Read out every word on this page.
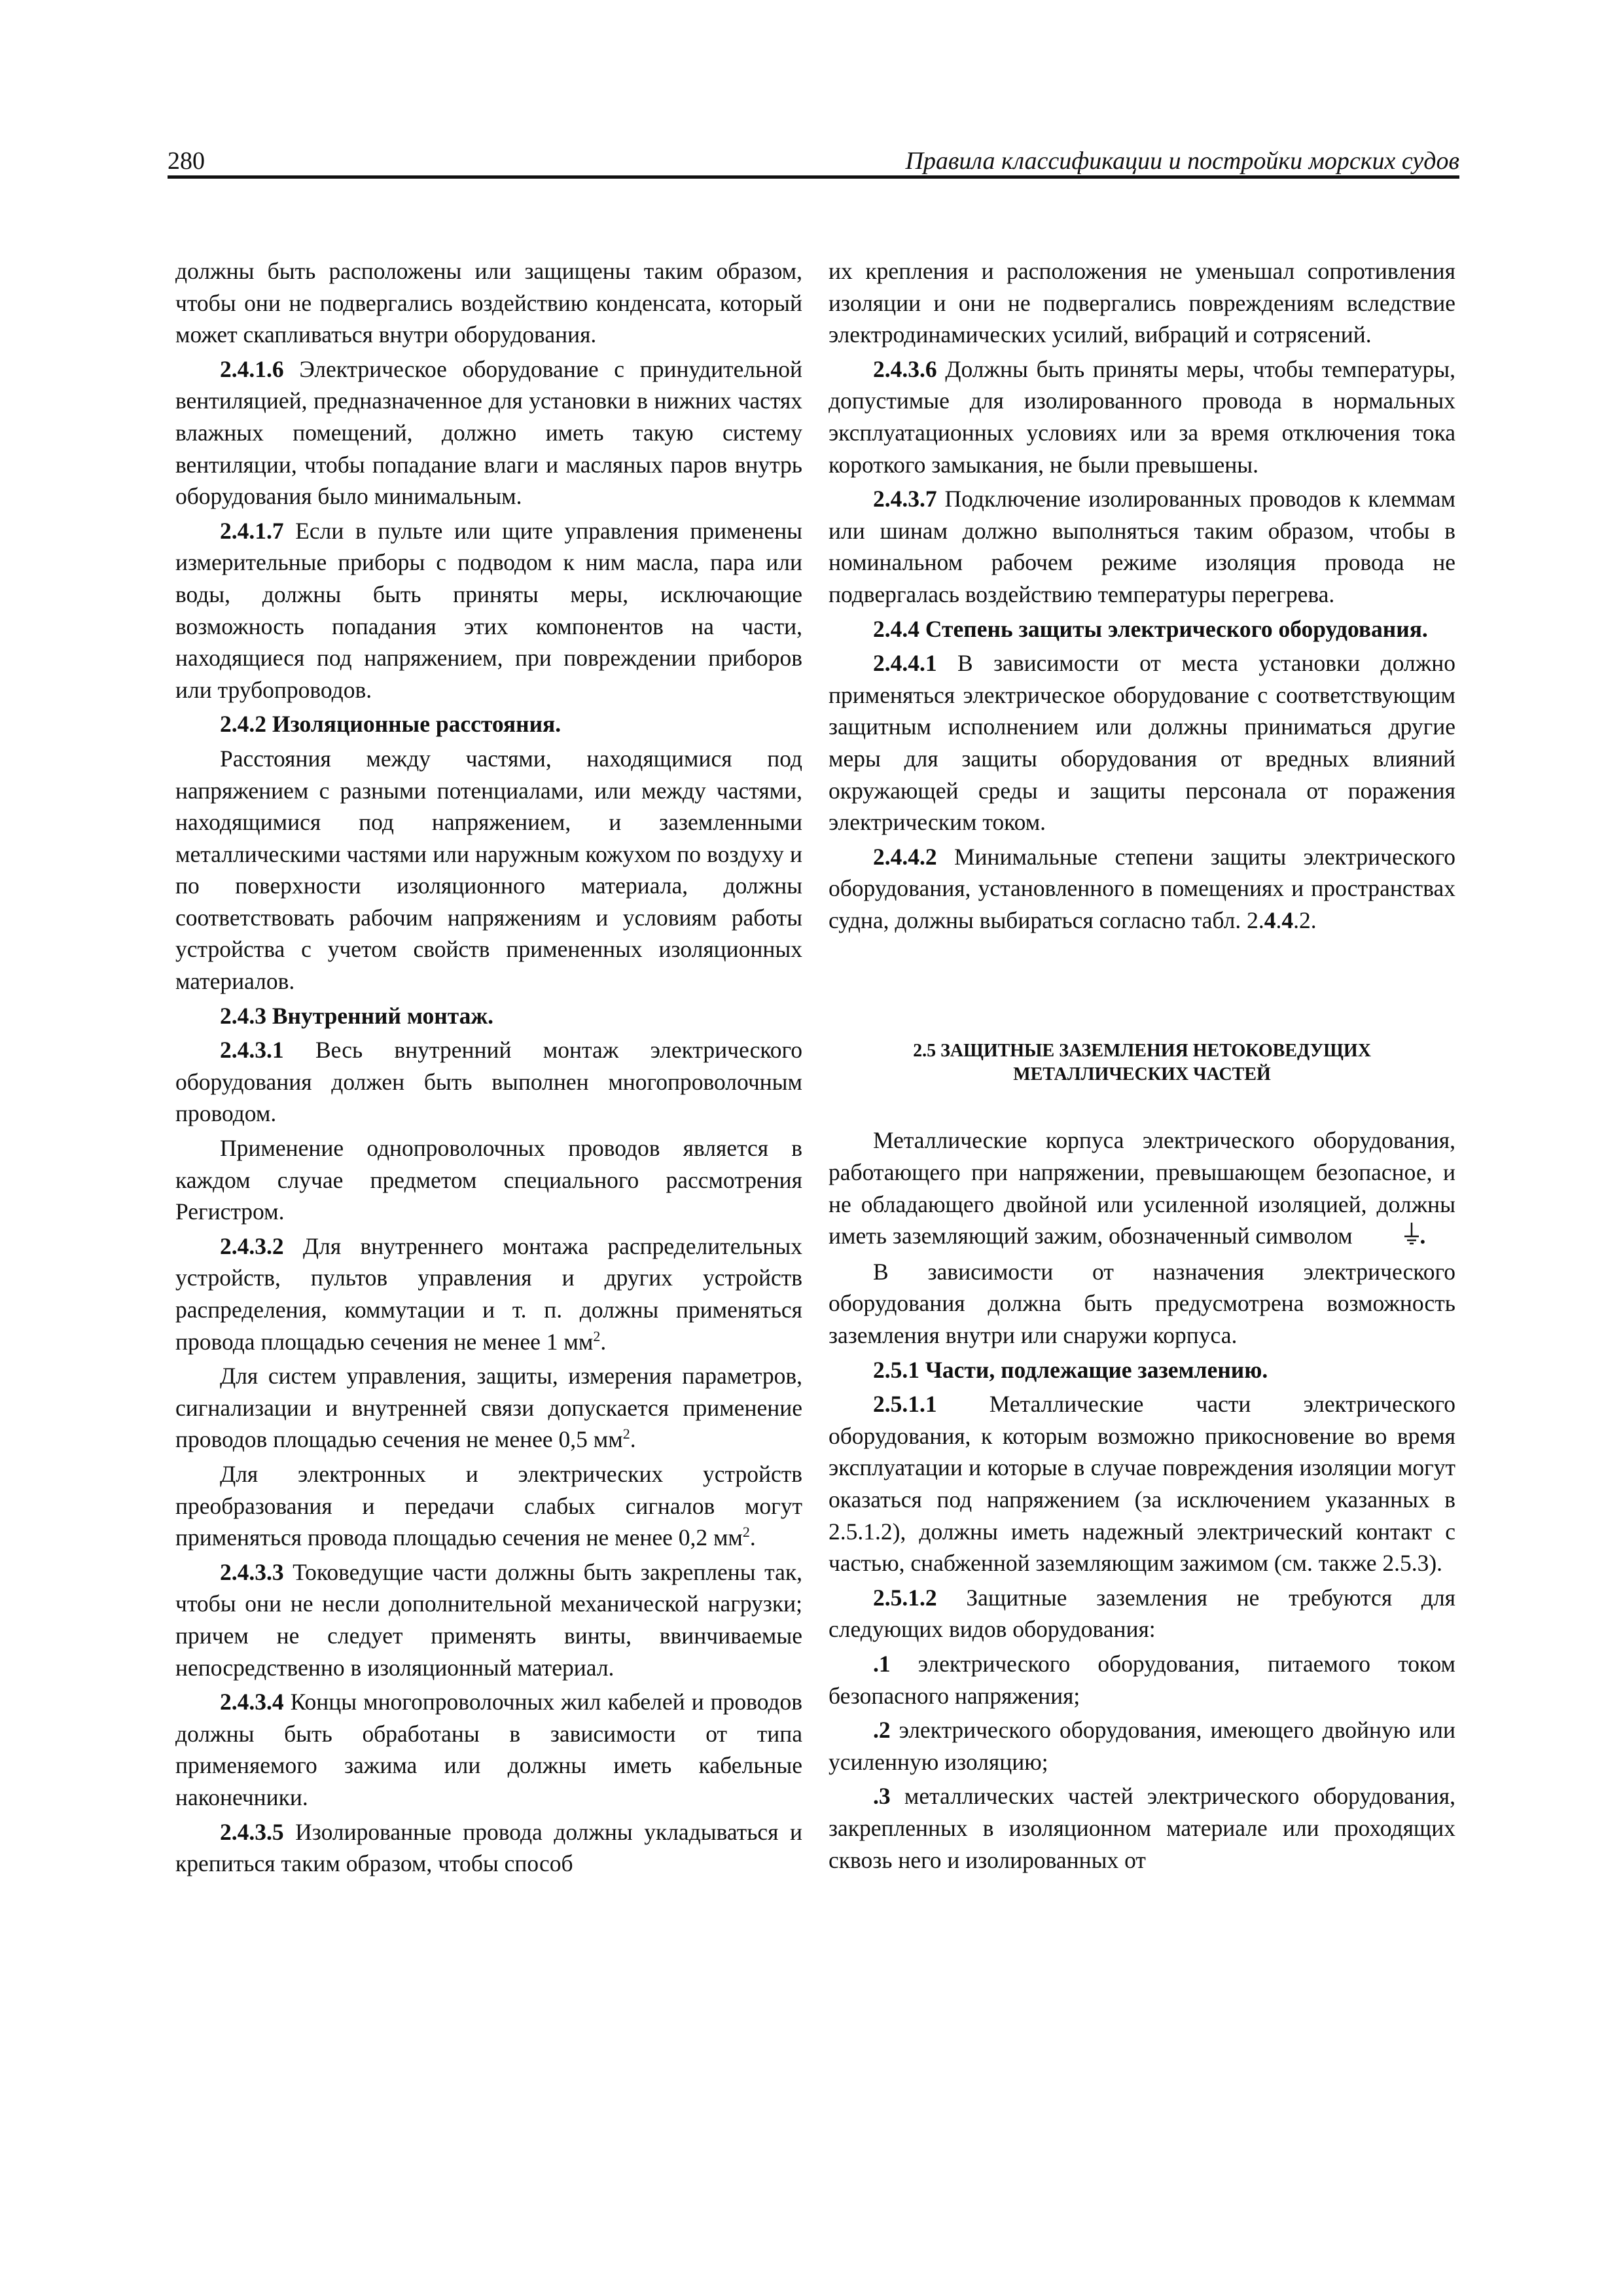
280	Правила классификации и постройки морских судов

должны быть расположены или защищены таким образом, чтобы они не подвергались воздействию конденсата, который может скапливаться внутри оборудования.

2.4.1.6 Электрическое оборудование с принудительной вентиляцией, предназначенное для установки в нижних частях влажных помещений, должно иметь такую систему вентиляции, чтобы попадание влаги и масляных паров внутрь оборудования было минимальным.

2.4.1.7 Если в пульте или щите управления применены измерительные приборы с подводом к ним масла, пара или воды, должны быть приняты меры, исключающие возможность попадания этих компонентов на части, находящиеся под напряжением, при повреждении приборов или трубопроводов.

2.4.2 Изоляционные расстояния.

Расстояния между частями, находящимися под напряжением с разными потенциалами, или между частями, находящимися под напряжением, и заземленными металлическими частями или наружным кожухом по воздуху и по поверхности изоляционного материала, должны соответствовать рабочим напряжениям и условиям работы устройства с учетом свойств примененных изоляционных материалов.

2.4.3 Внутренний монтаж.

2.4.3.1 Весь внутренний монтаж электрического оборудования должен быть выполнен многопроволочным проводом.

Применение однопроволочных проводов является в каждом случае предметом специального рассмотрения Регистром.

2.4.3.2 Для внутреннего монтажа распределительных устройств, пультов управления и других устройств распределения, коммутации и т. п. должны применяться провода площадью сечения не менее 1 $мм^2$.

Для систем управления, защиты, измерения параметров, сигнализации и внутренней связи допускается применение проводов площадью сечения не менее 0,5 $мм^2$.

Для электронных и электрических устройств преобразования и передачи слабых сигналов могут применяться провода площадью сечения не менее 0,2 $мм^2$.

2.4.3.3 Токоведущие части должны быть закреплены так, чтобы они не несли дополнительной механической нагрузки; причем не следует применять винты, ввинчиваемые непосредственно в изоляционный материал.

2.4.3.4 Концы многопроволочных жил кабелей и проводов должны быть обработаны в зависимости от типа применяемого зажима или должны иметь кабельные наконечники.

2.4.3.5 Изолированные провода должны укладываться и крепиться таким образом, чтобы способ

их крепления и расположения не уменьшал сопротивления изоляции и они не подвергались повреждениям вследствие электродинамических усилий, вибраций и сотрясений.

2.4.3.6 Должны быть приняты меры, чтобы температуры, допустимые для изолированного провода в нормальных эксплуатационных условиях или за время отключения тока короткого замыкания, не были превышены.

2.4.3.7 Подключение изолированных проводов к клеммам или шинам должно выполняться таким образом, чтобы в номинальном рабочем режиме изоляция провода не подвергалась воздействию температуры перегрева.

2.4.4 Степень защиты электрического оборудования.

2.4.4.1 В зависимости от места установки должно применяться электрическое оборудование с соответствующим защитным исполнением или должны приниматься другие меры для защиты оборудования от вредных влияний окружающей среды и защиты персонала от поражения электрическим током.

2.4.4.2 Минимальные степени защиты электрического оборудования, установленного в помещениях и пространствах судна, должны выбираться согласно табл. 2.4.4.2.

2.5 ЗАЩИТНЫЕ ЗАЗЕМЛЕНИЯ НЕТОКОВЕДУЩИХ
МЕТАЛЛИЧЕСКИХ ЧАСТЕЙ

Металлические корпуса электрического оборудования, работающего при напряжении, превышающем безопасное, и не обладающего двойной или усиленной изоляцией, должны иметь заземляющий зажим, обозначенный символом	.

В зависимости от назначения электрического оборудования должна быть предусмотрена возможность заземления внутри или снаружи корпуса.

2.5.1 Части, подлежащие заземлению.

2.5.1.1 Металлические части электрического оборудования, к которым возможно прикосновение во время эксплуатации и которые в случае повреждения изоляции могут оказаться под напряжением (за исключением указанных в 2.5.1.2), должны иметь надежный электрический контакт с частью, снабженной заземляющим зажимом (см. также 2.5.3).

2.5.1.2 Защитные заземления не требуются для следующих видов оборудования:

.1 электрического оборудования, питаемого током безопасного напряжения;

.2 электрического оборудования, имеющего двойную или усиленную изоляцию;

.3 металлических частей электрического оборудования, закрепленных в изоляционном материале или проходящих сквозь него и изолированных от
